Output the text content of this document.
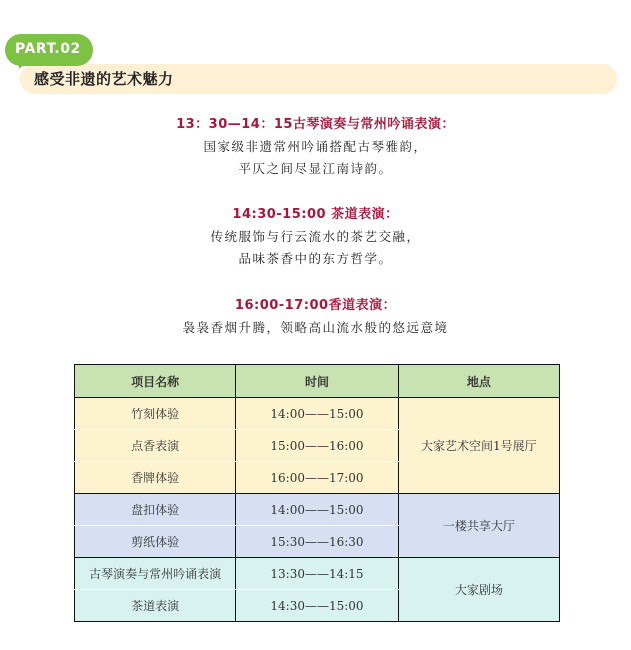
PART.02
感受非遗的艺术魅力
13：30—14：15古琴演奏与常州吟诵表演：
国家级非遗常州吟诵搭配古琴雅韵，
平仄之间尽显江南诗韵。
14:30-15:00 茶道表演：
传统服饰与行云流水的茶艺交融，
品味茶香中的东方哲学。
16:00-17:00香道表演：
袅袅香烟升腾，领略高山流水般的悠远意境
项目名称	时间	地点
竹刻体验	14:00——15:00	大家艺术空间1号展厅
点香表演	15:00——16:00	
香牌体验	16:00——17:00	
盘扣体验	14:00——15:00	一楼共享大厅
剪纸体验	15:30——16:30	
古琴演奏与常州吟诵表演	13:30——14:15	大家剧场
茶道表演	14:30——15:00	
